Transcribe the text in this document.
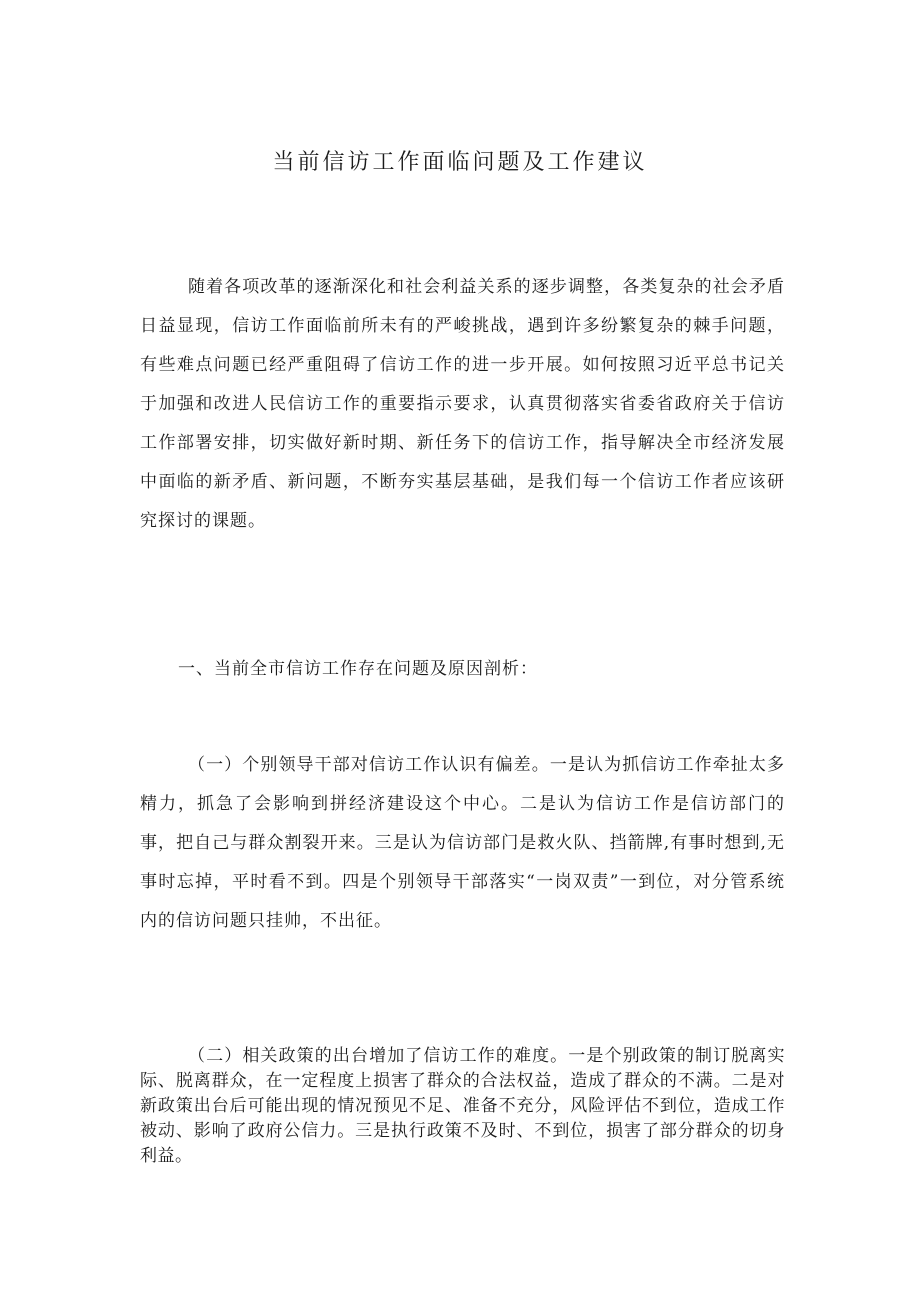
当前信访工作面临问题及工作建议

随着各项改革的逐渐深化和社会利益关系的逐步调整，各类复杂的社会矛盾日益显现，信访工作面临前所未有的严峻挑战，遇到许多纷繁复杂的棘手问题，有些难点问题已经严重阻碍了信访工作的进一步开展。如何按照习近平总书记关于加强和改进人民信访工作的重要指示要求，认真贯彻落实省委省政府关于信访工作部署安排，切实做好新时期、新任务下的信访工作，指导解决全市经济发展中面临的新矛盾、新问题，不断夯实基层基础，是我们每一个信访工作者应该研究探讨的课题。

一、当前全市信访工作存在问题及原因剖析：

（一）个别领导干部对信访工作认识有偏差。一是认为抓信访工作牵扯太多精力，抓急了会影响到拼经济建设这个中心。二是认为信访工作是信访部门的事，把自己与群众割裂开来。三是认为信访部门是救火队、挡箭牌,有事时想到,无事时忘掉，平时看不到。四是个别领导干部落实“一岗双责”一到位，对分管系统内的信访问题只挂帅，不出征。

（二）相关政策的出台增加了信访工作的难度。一是个别政策的制订脱离实际、脱离群众，在一定程度上损害了群众的合法权益，造成了群众的不满。二是对新政策出台后可能出现的情况预见不足、准备不充分，风险评估不到位，造成工作被动、影响了政府公信力。三是执行政策不及时、不到位，损害了部分群众的切身利益。
